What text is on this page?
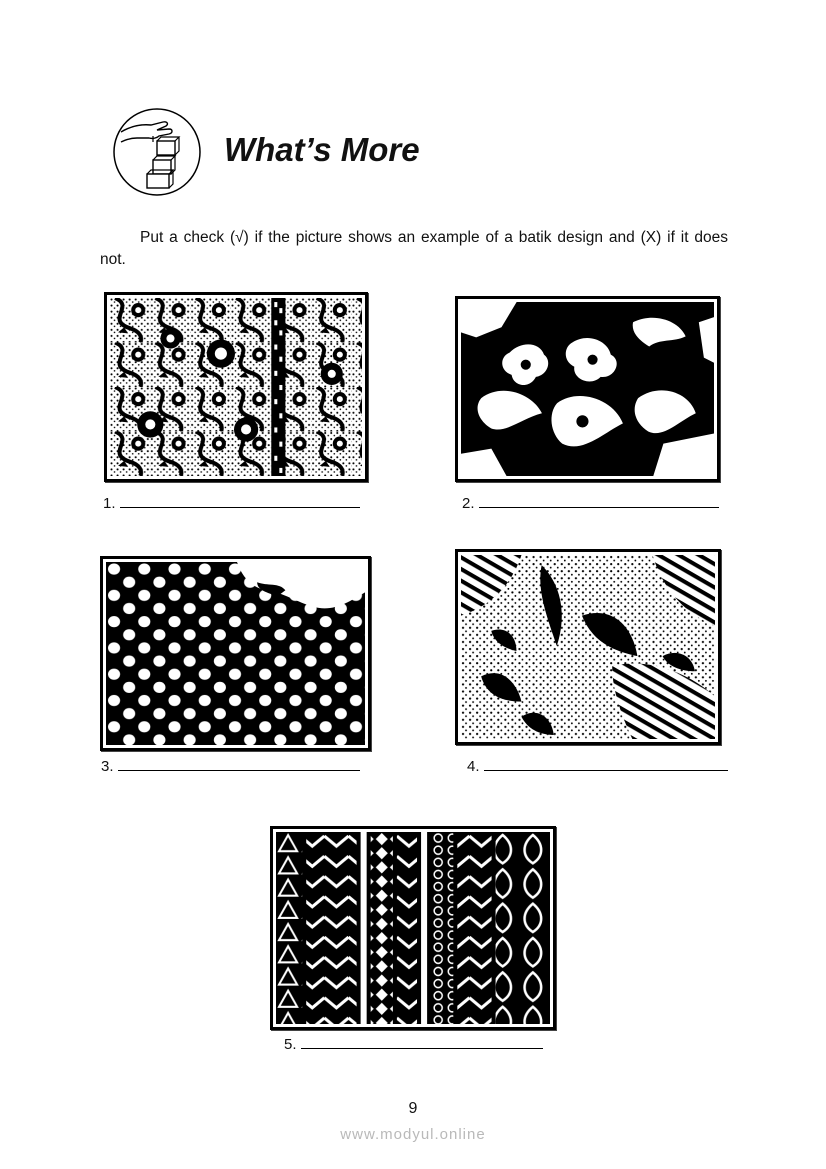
What’s More

Put a check (√) if the picture shows an example of a batik design and (X) if it does not.

1.	2.
3.	4.
5.
9
www.modyul.online
